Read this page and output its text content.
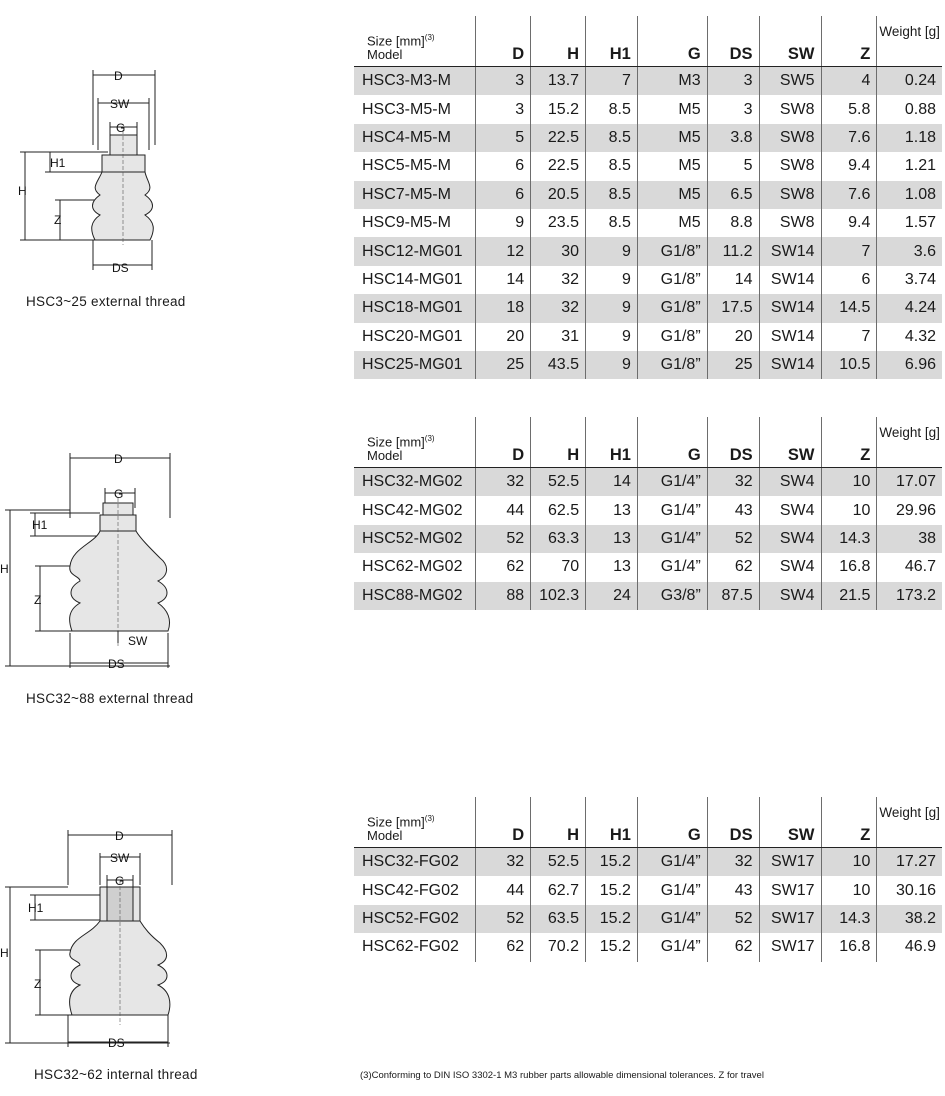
D
SW
G
H1
H
Z
DS
HSC3~25 external thread
D
G
H1
H
Z
SW
DS
HSC32~88 external thread
D
SW
G
H1
H
Z
DS
HSC32~62 internal thread
Size [mm]$^{(3)}$
Model	D	H	H1	G	DS	SW	Z	Weight [g]
HSC3-M3-M	3	13.7	7	M3	3	SW5	4	0.24
HSC3-M5-M	3	15.2	8.5	M5	3	SW8	5.8	0.88
HSC4-M5-M	5	22.5	8.5	M5	3.8	SW8	7.6	1.18
HSC5-M5-M	6	22.5	8.5	M5	5	SW8	9.4	1.21
HSC7-M5-M	6	20.5	8.5	M5	6.5	SW8	7.6	1.08
HSC9-M5-M	9	23.5	8.5	M5	8.8	SW8	9.4	1.57
HSC12-MG01	12	30	9	G1/8”	11.2	SW14	7	3.6
HSC14-MG01	14	32	9	G1/8”	14	SW14	6	3.74
HSC18-MG01	18	32	9	G1/8”	17.5	SW14	14.5	4.24
HSC20-MG01	20	31	9	G1/8”	20	SW14	7	4.32
HSC25-MG01	25	43.5	9	G1/8”	25	SW14	10.5	6.96
Size [mm]$^{(3)}$
Model	D	H	H1	G	DS	SW	Z	Weight [g]
HSC32-MG02	32	52.5	14	G1/4”	32	SW4	10	17.07
HSC42-MG02	44	62.5	13	G1/4”	43	SW4	10	29.96
HSC52-MG02	52	63.3	13	G1/4”	52	SW4	14.3	38
HSC62-MG02	62	70	13	G1/4”	62	SW4	16.8	46.7
HSC88-MG02	88	102.3	24	G3/8”	87.5	SW4	21.5	173.2
Size [mm]$^{(3)}$
Model	D	H	H1	G	DS	SW	Z	Weight [g]
HSC32-FG02	32	52.5	15.2	G1/4”	32	SW17	10	17.27
HSC42-FG02	44	62.7	15.2	G1/4”	43	SW17	10	30.16
HSC52-FG02	52	63.5	15.2	G1/4”	52	SW17	14.3	38.2
HSC62-FG02	62	70.2	15.2	G1/4”	62	SW17	16.8	46.9
(3)Conforming to DIN ISO 3302-1 M3 rubber parts allowable dimensional tolerances. Z for travel
